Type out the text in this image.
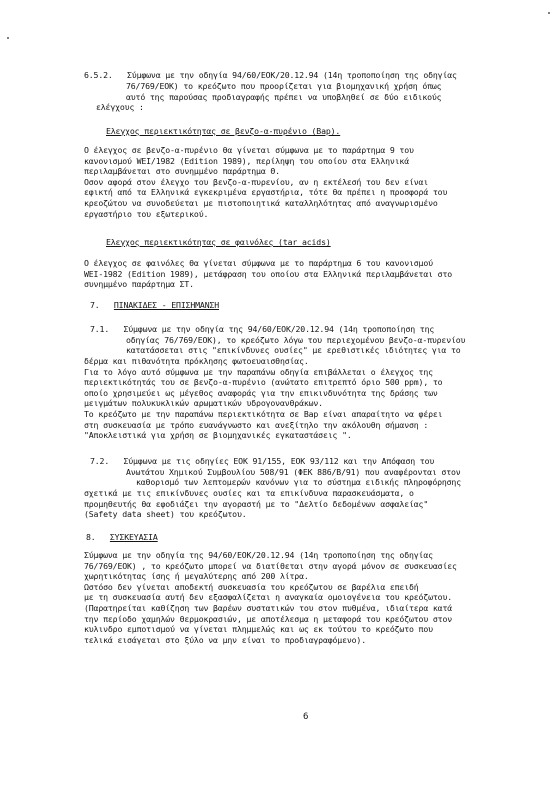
6.5.2. Σύμφωνα με την οδηγία 94/60/ΕΟΚ/20.12.94 (14η τροποποίηση της οδηγίας
76/769/ΕΟΚ) το κρεόζωτο που προορίζεται για βιομηχανική χρήση όπως
αυτό της παρούσας προδιαγραφής πρέπει να υποβληθεί σε δύο ειδικούς
ελέγχους :
Ελεγχος περιεκτικότητας σε βενζο-α-πυρένιο (Bap).
Ο έλεγχος σε βενζο-α-πυρένιο θα γίνεται σύμφωνα με το παράρτημα 9 του
κανονισμού WEI/1982 (Edition 1989), περίληψη του οποίου στα Ελληνικά
περιλαμβάνεται στο συνημμένο παράρτημα Θ.
Οσον αφορά στον έλεγχο του βενζο-α-πυρενίου, αν η εκτέλεσή του δεν είναι
εφικτή από τα Ελληνικά εγκεκριμένα εργαστήρια, τότε θα πρέπει η προσφορά του
κρεοζώτου να συνοδεύεται με πιστοποιητικά καταλληλότητας από αναγνωρισμένο
εργαστήριο του εξωτερικού.
Ελεγχος περιεκτικότητας σε φαινόλες (tar acids)
Ο έλεγχος σε φαινόλες θα γίνεται σύμφωνα με το παράρτημα 6 του κανονισμού
WEI-1982 (Edition 1989), μετάφραση του οποίου στα Ελληνικά περιλαμβάνεται στο
συνημμένο παράρτημα ΣΤ.
7. ΠΙΝΑΚΙΔΕΣ - ΕΠΙΣΗΜΑΝΣΗ
7.1. Σύμφωνα με την οδηγία της 94/60/ΕΟΚ/20.12.94 (14η τροποποίηση της
οδηγίας 76/769/ΕΟΚ), το κρεόζωτο λόγω του περιεχομένου βενζο-α-πυρενίου
κατατάσσεται στις "επικίνδυνες ουσίες" με ερεθιστικές ιδιότητες για το
δέρμα και πιθανότητα πρόκλησης φωτοευαισθησίας.
Για το λόγο αυτό σύμφωνα με την παραπάνω οδηγία επιβάλλεται ο έλεγχος της
περιεκτικότητάς του σε βενζο-α-πυρένιο (ανώτατο επιτρεπτό όριο 500 ppm), το
οποίο χρησιμεύει ως μέγεθος αναφοράς για την επικινδυνότητα της δράσης των
μειγμάτων πολυκυκλικών αρωματικών υδρογονανθράκων.
Το κρεόζωτο με την παραπάνω περιεκτικότητα σε Bap είναι απαραίτητο να φέρει
στη συσκευασία με τρόπο ευανάγνωστο και ανεξίτηλο την ακόλουθη σήμανση :
"Αποκλειστικά για χρήση σε βιομηχανικές εγκαταστάσεις ".
7.2. Σύμφωνα με τις οδηγίες ΕΟΚ 91/155, ΕΟΚ 93/112 και την Απόφαση του
Ανωτάτου Χημικού Συμβουλίου 508/91 (ΦΕΚ 886/Β/91) που αναφέρονται στον
καθορισμό των λεπτομερών κανόνων για το σύστημα ειδικής πληροφόρησης
σχετικά με τις επικίνδυνες ουσίες και τα επικίνδυνα παρασκευάσματα, ο
προμηθευτής θα εφοδιάζει την αγοραστή με το "Δελτίο δεδομένων ασφαλείας"
(Safety data sheet) του κρεόζωτου.
8. ΣΥΣΚΕΥΑΣΙΑ
Σύμφωνα με την οδηγία της 94/60/ΕΟΚ/20.12.94 (14η τροποποίηση της οδηγίας
76/769/ΕΟΚ) , το κρεόζωτο μπορεί να διατίθεται στην αγορά μόνον σε συσκευασίες
χωρητικότητας ίσης ή μεγαλύτερης από 200 λίτρα.
Ωστόσο δεν γίνεται αποδεκτή συσκευασία του κρεόζωτου σε βαρέλια επειδή
με τη συσκευασία αυτή δεν εξασφαλίζεται η αναγκαία ομοιογένεια του κρεόζωτου.
(Παρατηρείται καθίζηση των βαρέων συστατικών του στον πυθμένα, ιδιαίτερα κατά
την περίοδο χαμηλών θερμοκρασιών, με αποτέλεσμα η μεταφορά του κρεόζωτου στον
κυλινδρο εμποτισμού να γίνεται πλημμελώς και ως εκ τούτου το κρεόζωτο που
τελικά εισάγεται στο ξύλο να μην είναι το προδιαγραφόμενο).
6
